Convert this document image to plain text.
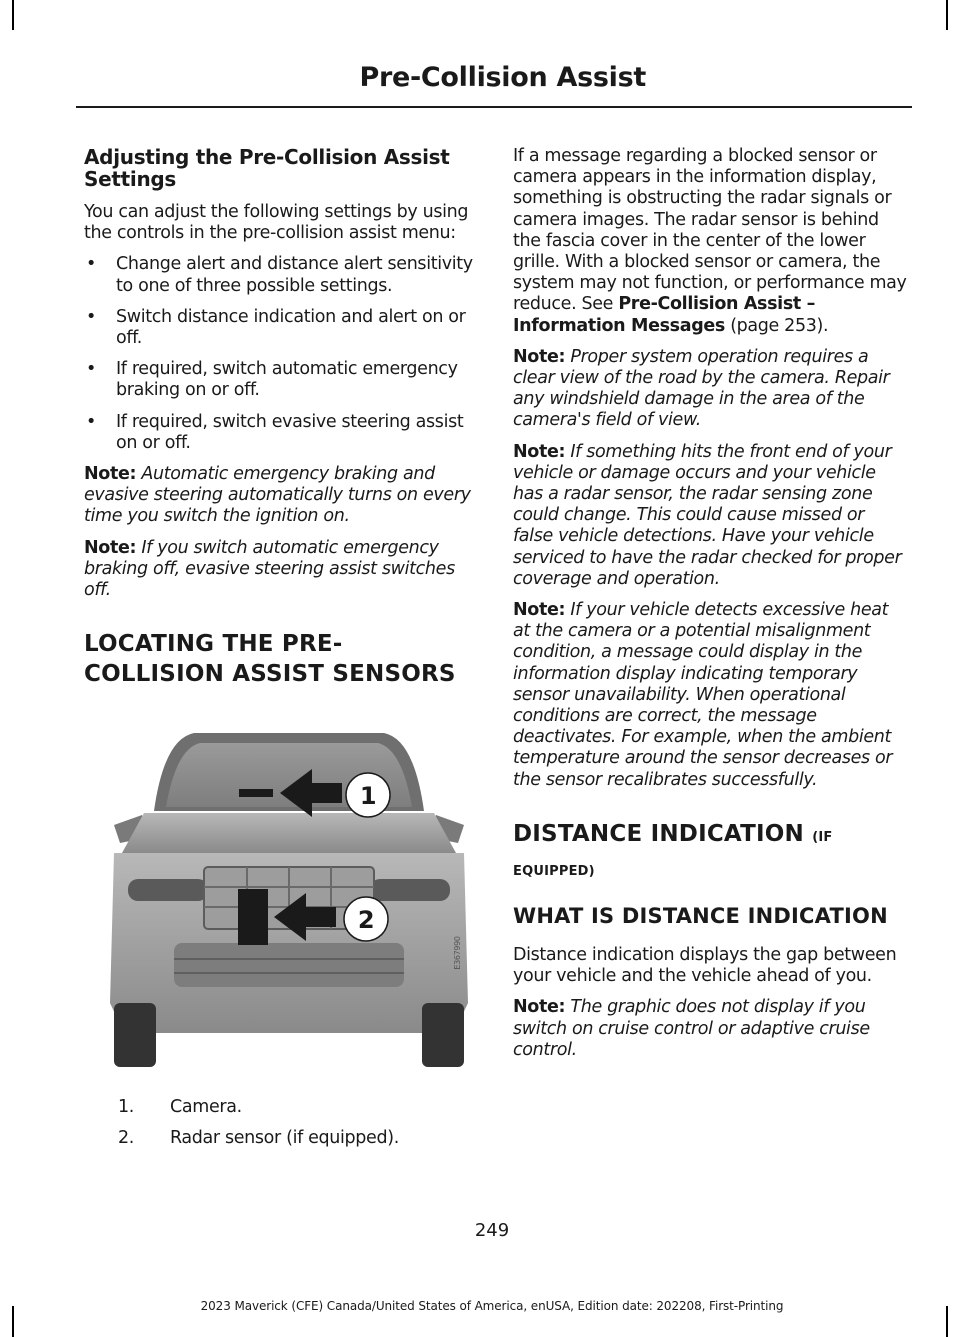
Pre-Collision Assist
Adjusting the Pre-Collision Assist Settings

You can adjust the following settings by using the controls in the pre-collision assist menu:

• Change alert and distance alert sensitivity to one of three possible settings.
• Switch distance indication and alert on or off.
• If required, switch automatic emergency braking on or off.
• If required, switch evasive steering assist on or off.

Note: Automatic emergency braking and evasive steering automatically turns on every time you switch the ignition on.

Note: If you switch automatic emergency braking off, evasive steering assist switches off.

LOCATING THE PRE-
COLLISION ASSIST SENSORS
1
2
E367990
1. Camera.
2. Radar sensor (if equipped).

If a message regarding a blocked sensor or camera appears in the information display, something is obstructing the radar signals or camera images. The radar sensor is behind the fascia cover in the center of the lower grille. With a blocked sensor or camera, the system may not function, or performance may reduce. See Pre-Collision Assist – Information Messages (page 253).

Note: Proper system operation requires a clear view of the road by the camera. Repair any windshield damage in the area of the camera's field of view.

Note: If something hits the front end of your vehicle or damage occurs and your vehicle has a radar sensor, the radar sensing zone could change. This could cause missed or false vehicle detections. Have your vehicle serviced to have the radar checked for proper coverage and operation.

Note: If your vehicle detects excessive heat at the camera or a potential misalignment condition, a message could display in the information display indicating temporary sensor unavailability. When operational conditions are correct, the message deactivates. For example, when the ambient temperature around the sensor decreases or the sensor recalibrates successfully.

DISTANCE INDICATION (IF
EQUIPPED)
WHAT IS DISTANCE INDICATION

Distance indication displays the gap between your vehicle and the vehicle ahead of you.

Note: The graphic does not display if you switch on cruise control or adaptive cruise control.

249
2023 Maverick (CFE) Canada/United States of America, enUSA, Edition date: 202208, First-Printing
